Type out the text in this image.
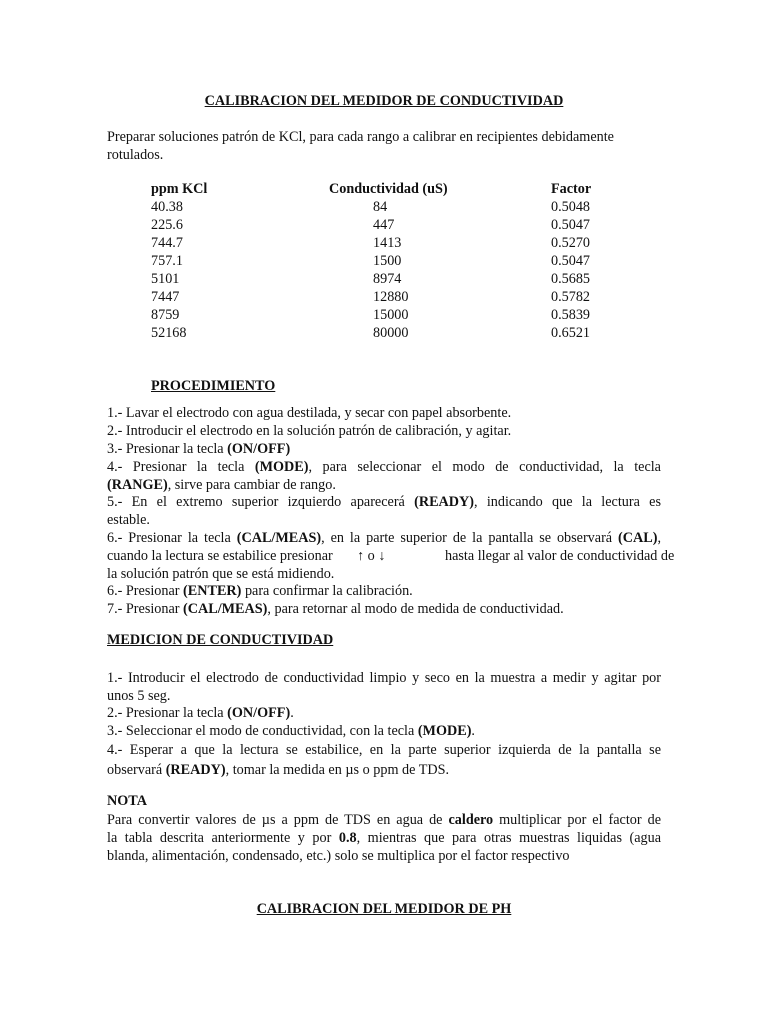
CALIBRACION DEL MEDIDOR DE CONDUCTIVIDAD
Preparar soluciones patrón de KCl, para cada rango a calibrar en recipientes debidamente
rotulados.
ppm KCl	Conductividad (uS)	Factor
40.38	84	0.5048
225.6	447	0.5047
744.7	1413	0.5270
757.1	1500	0.5047
5101	8974	0.5685
7447	12880	0.5782
8759	15000	0.5839
52168	80000	0.6521
PROCEDIMIENTO
1.- Lavar el electrodo con agua destilada, y secar con papel absorbente.
2.- Introducir el electrodo en la solución patrón de calibración, y agitar.
3.- Presionar la tecla (ON/OFF)
4.- Presionar la tecla (MODE), para seleccionar el modo de conductividad, la tecla
(RANGE), sirve para cambiar de rango.
5.- En el extremo superior izquierdo aparecerá (READY), indicando que la lectura es
estable.
6.- Presionar la tecla (CAL/MEAS), en la parte superior de la pantalla se observará (CAL),
cuando la lectura se estabilice presionar ↑ o ↓	hasta llegar al valor de conductividad de
la solución patrón que se está midiendo.
6.- Presionar (ENTER) para confirmar la calibración.
7.- Presionar (CAL/MEAS), para retornar al modo de medida de conductividad.
MEDICION DE CONDUCTIVIDAD
1.- Introducir el electrodo de conductividad limpio y seco en la muestra a medir y agitar por
unos 5 seg.
2.- Presionar la tecla (ON/OFF).
3.- Seleccionar el modo de conductividad, con la tecla (MODE).
4.- Esperar a que la lectura se estabilice, en la parte superior izquierda de la pantalla se
observará (READY), tomar la medida en µs o ppm de TDS.
NOTA
Para convertir valores de µs a ppm de TDS en agua de caldero multiplicar por el factor de
la tabla descrita anteriormente y por 0.8, mientras que para otras muestras liquidas (agua
blanda, alimentación, condensado, etc.) solo se multiplica por el factor respectivo
CALIBRACION DEL MEDIDOR DE PH
